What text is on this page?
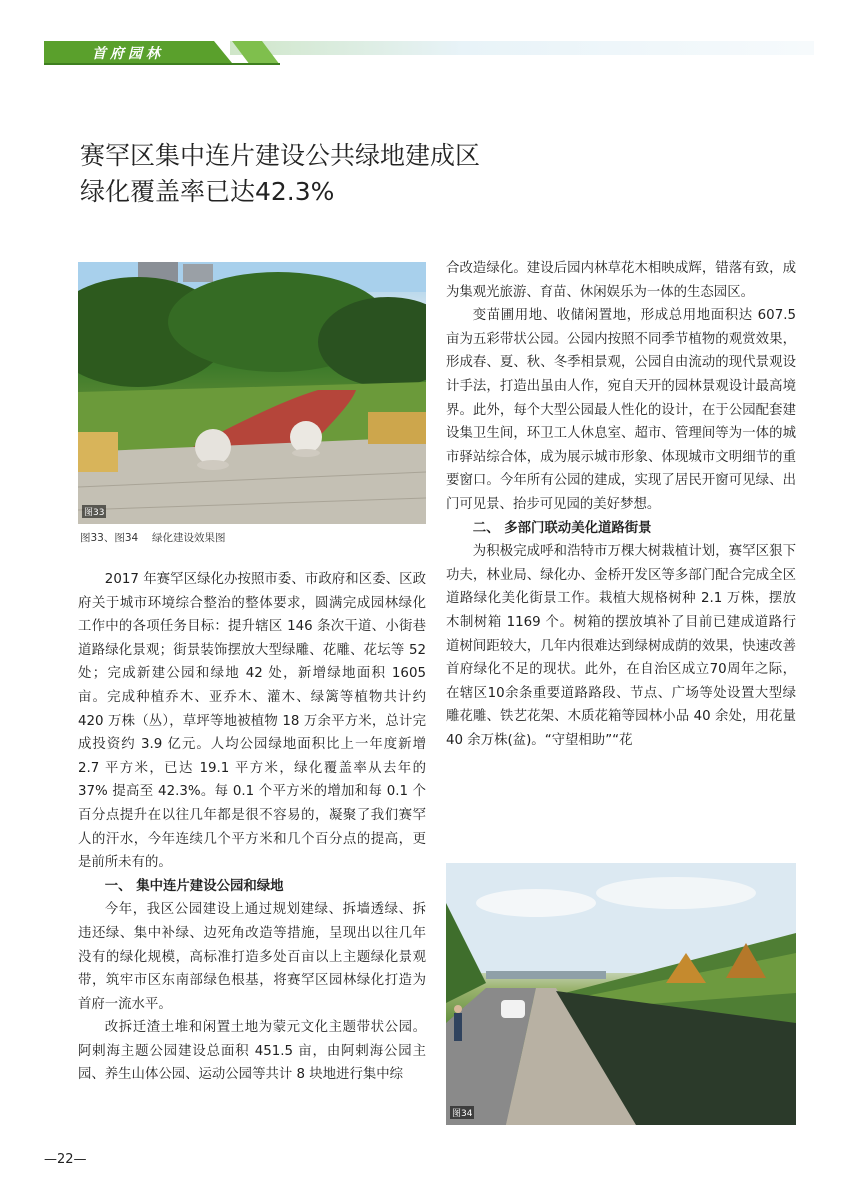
首府园林
赛罕区集中连片建设公共绿地建成区
绿化覆盖率已达42.3%
图33
图33、图34　 绿化建设效果图

2017 年赛罕区绿化办按照市委、市政府和区委、区政府关于城市环境综合整治的整体要求，圆满完成园林绿化工作中的各项任务目标：提升辖区 146 条次干道、小街巷道路绿化景观；街景装饰摆放大型绿雕、花雕、花坛等 52 处；完成新建公园和绿地 42 处，新增绿地面积 1605 亩。完成种植乔木、亚乔木、灌木、绿篱等植物共计约 420 万株（丛），草坪等地被植物 18 万余平方米，总计完成投资约 3.9 亿元。人均公园绿地面积比上一年度新增 2.7 平方米，已达 19.1 平方米，绿化覆盖率从去年的 37% 提高至 42.3%。每 0.1 个平方米的增加和每 0.1 个百分点提升在以往几年都是很不容易的，凝聚了我们赛罕人的汗水，今年连续几个平方米和几个百分点的提高，更是前所未有的。

一、 集中连片建设公园和绿地

今年，我区公园建设上通过规划建绿、拆墙透绿、拆违还绿、集中补绿、边死角改造等措施，呈现出以往几年没有的绿化规模，高标准打造多处百亩以上主题绿化景观带，筑牢市区东南部绿色根基，将赛罕区园林绿化打造为首府一流水平。

改拆迁渣土堆和闲置土地为蒙元文化主题带状公园。阿剌海主题公园建设总面积 451.5 亩，由阿剌海公园主园、养生山体公园、运动公园等共计 8 块地进行集中综

合改造绿化。建设后园内林草花木相映成辉，错落有致，成为集观光旅游、育苗、休闲娱乐为一体的生态园区。

变苗圃用地、收储闲置地，形成总用地面积达 607.5 亩为五彩带状公园。公园内按照不同季节植物的观赏效果，形成春、夏、秋、冬季相景观，公园自由流动的现代景观设计手法，打造出虽由人作，宛自天开的园林景观设计最高境界。此外，每个大型公园最人性化的设计，在于公园配套建设集卫生间，环卫工人休息室、超市、管理间等为一体的城市驿站综合体，成为展示城市形象、体现城市文明细节的重要窗口。今年所有公园的建成，实现了居民开窗可见绿、出门可见景、抬步可见园的美好梦想。

二、 多部门联动美化道路街景

为积极完成呼和浩特市万棵大树栽植计划，赛罕区狠下功夫，林业局、绿化办、金桥开发区等多部门配合完成全区道路绿化美化街景工作。栽植大规格树种 2.1 万株，摆放木制树箱 1169 个。树箱的摆放填补了目前已建成道路行道树间距较大，几年内很难达到绿树成荫的效果，快速改善首府绿化不足的现状。此外，在自治区成立70周年之际，在辖区10余条重要道路路段、节点、广场等处设置大型绿雕花雕、铁艺花架、木质花箱等园林小品 40 余处，用花量 40 余万株(盆)。“守望相助”“花

图34
—22—
